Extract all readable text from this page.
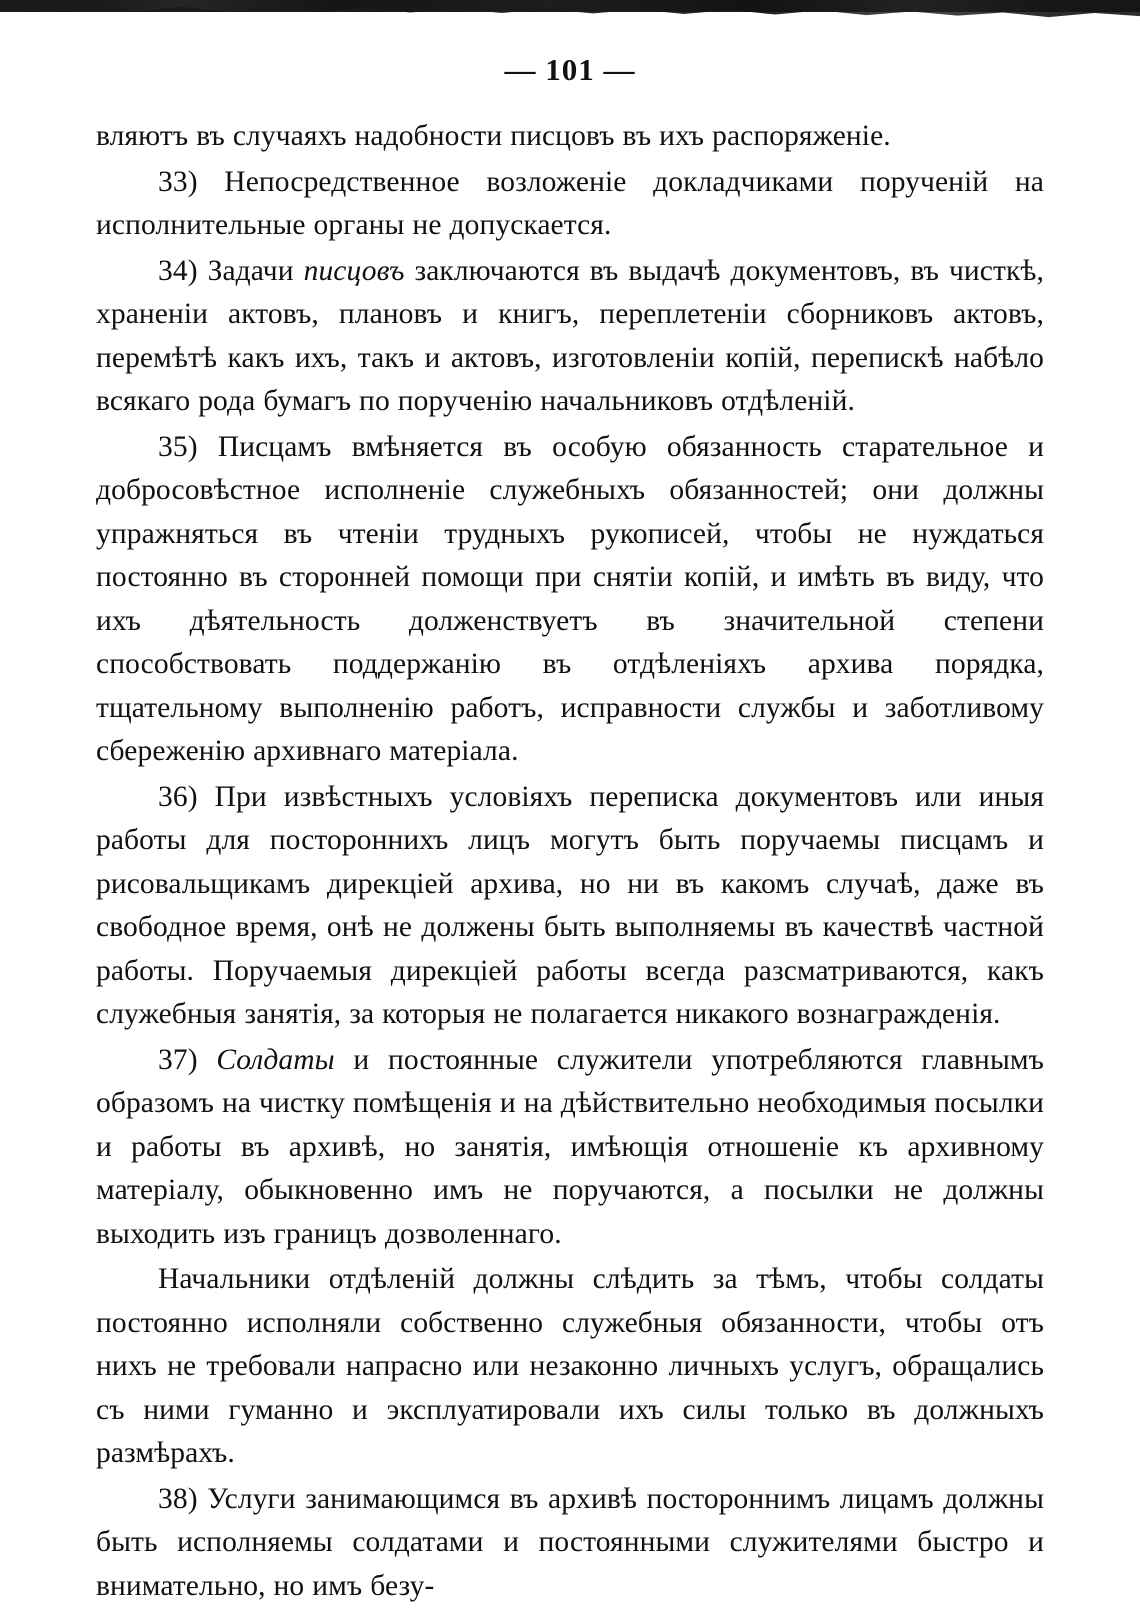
— 101 —

вляютъ въ случаяхъ надобности писцовъ въ ихъ распоряженіе.

33) Непосредственное возложеніе докладчиками порученій на исполнительные органы не допускается.

34) Задачи писцовъ заключаются въ выдачѣ документовъ, въ чисткѣ, храненіи актовъ, плановъ и книгъ, переплетеніи сборниковъ актовъ, перемѣтѣ какъ ихъ, такъ и актовъ, изготовленіи копій, перепискѣ набѣло всякаго рода бумагъ по порученію начальниковъ отдѣленій.

35) Писцамъ вмѣняется въ особую обязанность старательное и добросовѣстное исполненіе служебныхъ обязанностей; они должны упражняться въ чтеніи трудныхъ рукописей, чтобы не нуждаться постоянно въ сторонней помощи при снятіи копій, и имѣть въ виду, что ихъ дѣятельность долженствуетъ въ значительной степени способствовать поддержанію въ отдѣленіяхъ архива порядка, тщательному выполненію работъ, исправности службы и заботливому сбереженію архивнаго матеріала.

36) При извѣстныхъ условіяхъ переписка документовъ или иныя работы для постороннихъ лицъ могутъ быть поручаемы писцамъ и рисовальщикамъ дирекціей архива, но ни въ какомъ случаѣ, даже въ свободное время, онѣ не должены быть выполняемы въ качествѣ частной работы. Поручаемыя дирекціей работы всегда разсматриваются, какъ служебныя занятія, за которыя не полагается никакого вознагражденія.

37) Солдаты и постоянные служители употребляются главнымъ образомъ на чистку помѣщенія и на дѣйствительно необходимыя посылки и работы въ архивѣ, но занятія, имѣющія отношеніе къ архивному матеріалу, обыкновенно имъ не поручаются, а посылки не должны выходить изъ границъ дозволеннаго.

Начальники отдѣленій должны слѣдить за тѣмъ, чтобы солдаты постоянно исполняли собственно служебныя обязанности, чтобы отъ нихъ не требовали напрасно или незаконно личныхъ услугъ, обращались съ ними гуманно и эксплуатировали ихъ силы только въ должныхъ размѣрахъ.

38) Услуги занимающимся въ архивѣ постороннимъ лицамъ должны быть исполняемы солдатами и постоянными служителями быстро и внимательно, но имъ безу-
